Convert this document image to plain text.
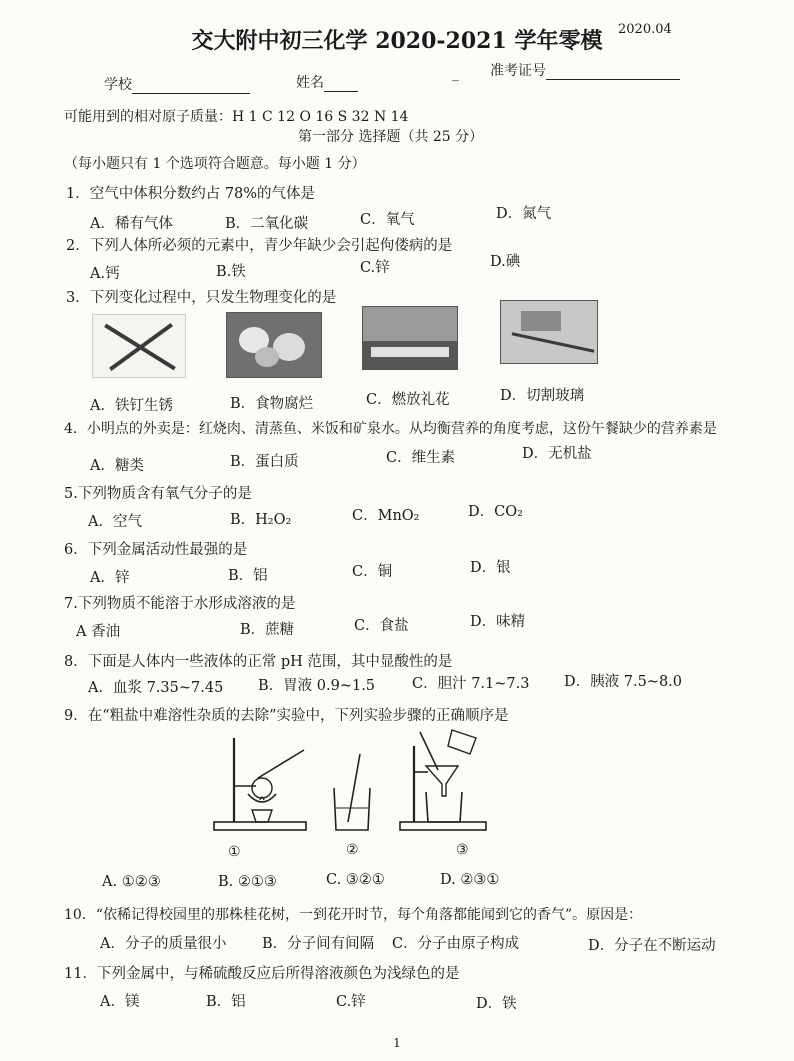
交大附中初三化学 2020-2021 学年零模	2020.04
学校	姓名
_ 准考证号
可能用到的相对原子质量：H 1 C 12 O 16 S 32 N 14
第一部分 选择题（共 25 分）
（每小题只有 1 个选项符合题意。每小题 1 分）
1．空气中体积分数约占 78%的气体是
A．稀有气体	B．二氧化碳	C．氧气	D．氮气
2．下列人体所必须的元素中，青少年缺少会引起佝偻病的是
A.钙	B.铁	C.锌	D.碘
3．下列变化过程中，只发生物理变化的是
A．铁钉生锈	B．食物腐烂	C．燃放礼花	D．切割玻璃
4．小明点的外卖是：红烧肉、清蒸鱼、米饭和矿泉水。从均衡营养的角度考虑，这份午餐缺少的营养素是
A．糖类	B．蛋白质	C．维生素	D．无机盐
5.下列物质含有氧气分子的是
A．空气	B．H₂O₂	C．MnO₂	D．CO₂
6．下列金属活动性最强的是
A．锌	B．铝	C．铜	D．银
7.下列物质不能溶于水形成溶液的是
A 香油	B．蔗糖	C．食盐	D．味精
8．下面是人体内一些液体的正常 pH 范围，其中显酸性的是
A．血浆 7.35~7.45 B．胃液 0.9~1.5	C．胆汁 7.1~7.3 D．胰液 7.5~8.0
9．在“粗盐中难溶性杂质的去除”实验中，下列实验步骤的正确顺序是
①	②	③
A. ①②③	B. ②①③	C. ③②①	D. ②③①
10．“依稀记得校园里的那株桂花树，一到花开时节，每个角落都能闻到它的香气”。原因是：
A．分子的质量很小 B．分子间有间隔 C．分子由原子构成	D．分子在不断运动
11．下列金属中，与稀硫酸反应后所得溶液颜色为浅绿色的是
A．镁	B．铝	C.锌	D．铁
1
